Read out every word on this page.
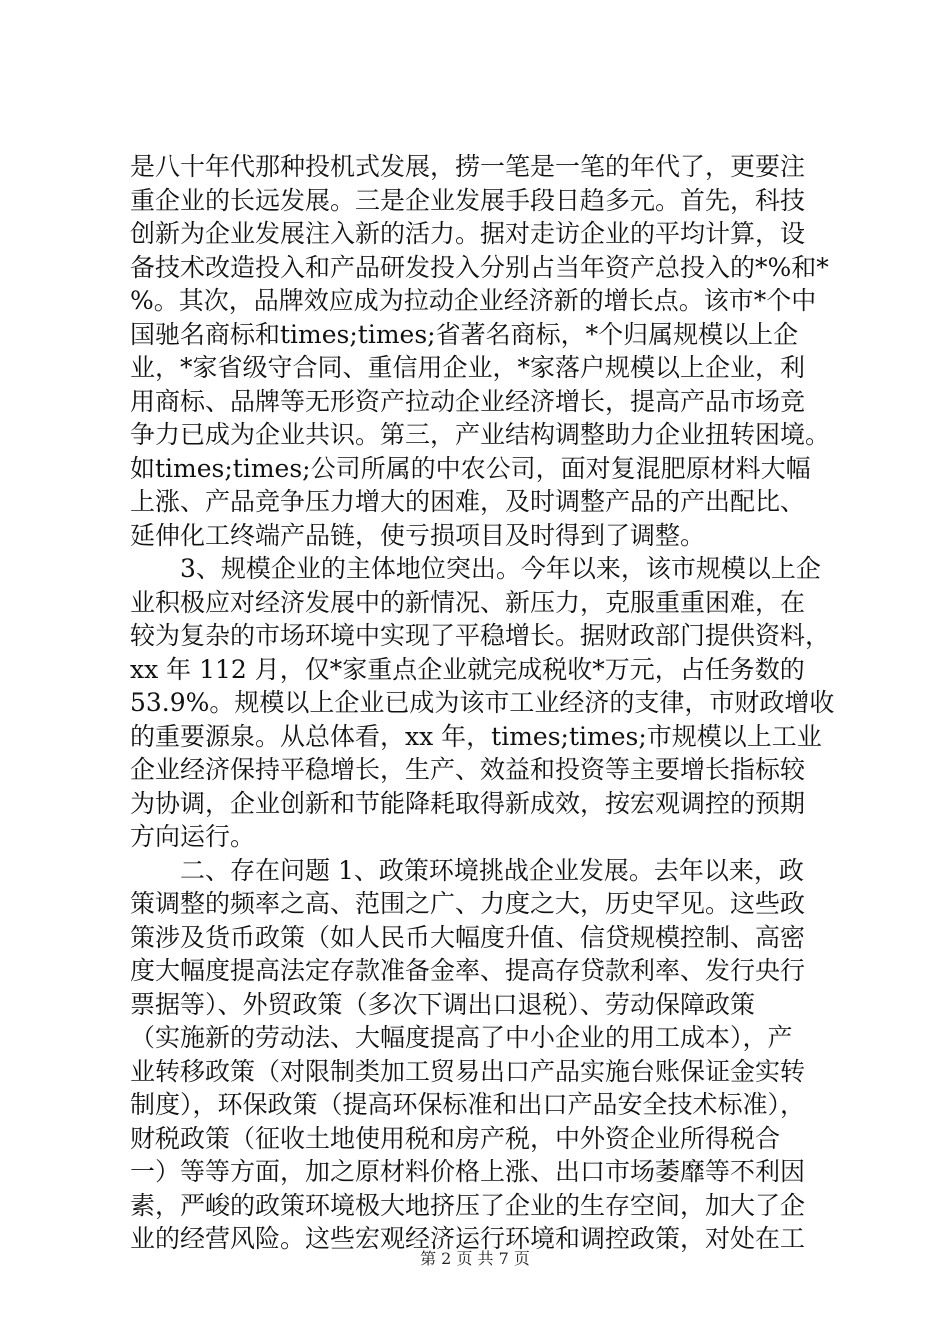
是八十年代那种投机式发展，捞一笔是一笔的年代了，更要注
重企业的长远发展。三是企业发展手段日趋多元。首先，科技
创新为企业发展注入新的活力。据对走访企业的平均计算，设
备技术改造投入和产品研发投入分别占当年资产总投入的*%和*
%。其次，品牌效应成为拉动企业经济新的增长点。该市*个中
国驰名商标和times;times;省著名商标，*个归属规模以上企
业，*家省级守合同、重信用企业，*家落户规模以上企业，利
用商标、品牌等无形资产拉动企业经济增长，提高产品市场竞
争力已成为企业共识。第三，产业结构调整助力企业扭转困境。
如times;times;公司所属的中农公司，面对复混肥原材料大幅
上涨、产品竞争压力增大的困难，及时调整产品的产出配比、
延伸化工终端产品链，使亏损项目及时得到了调整。
3、规模企业的主体地位突出。今年以来，该市规模以上企
业积极应对经济发展中的新情况、新压力，克服重重困难，在
较为复杂的市场环境中实现了平稳增长。据财政部门提供资料，
xx 年 112 月，仅*家重点企业就完成税收*万元，占任务数的
53.9%。规模以上企业已成为该市工业经济的支律，市财政增收
的重要源泉。从总体看，xx 年，times;times;市规模以上工业
企业经济保持平稳增长，生产、效益和投资等主要增长指标较
为协调，企业创新和节能降耗取得新成效，按宏观调控的预期
方向运行。
二、存在问题 1、政策环境挑战企业发展。去年以来，政
策调整的频率之高、范围之广、力度之大，历史罕见。这些政
策涉及货币政策（如人民币大幅度升值、信贷规模控制、高密
度大幅度提高法定存款准备金率、提高存贷款利率、发行央行
票据等）、外贸政策（多次下调出口退税）、劳动保障政策
（实施新的劳动法、大幅度提高了中小企业的用工成本），产
业转移政策（对限制类加工贸易出口产品实施台账保证金实转
制度），环保政策（提高环保标准和出口产品安全技术标准），
财税政策（征收土地使用税和房产税，中外资企业所得税合
一）等等方面，加之原材料价格上涨、出口市场萎靡等不利因
素，严峻的政策环境极大地挤压了企业的生存空间，加大了企
业的经营风险。这些宏观经济运行环境和调控政策，对处在工
第 2 页 共 7 页
